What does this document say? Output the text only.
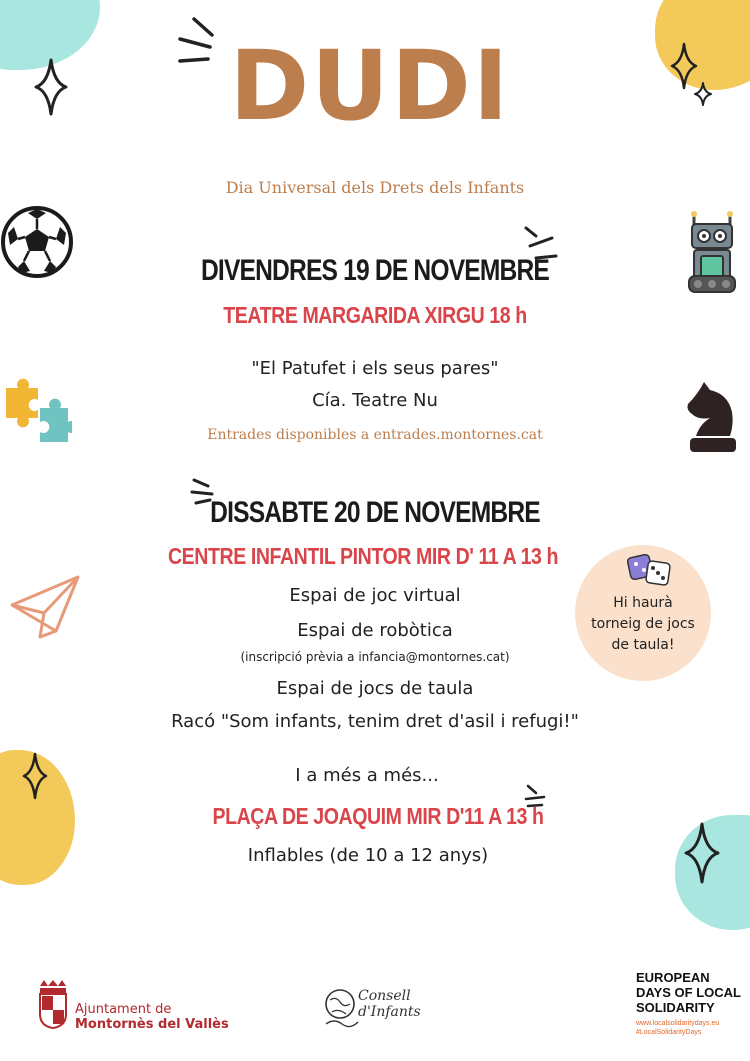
DUDI
Dia Universal dels Drets dels Infants
DIVENDRES 19 DE NOVEMBRE
TEATRE MARGARIDA XIRGU 18 h
"El Patufet i els seus pares"
Cía. Teatre Nu
Entrades disponibles a entrades.montornes.cat
DISSABTE 20 DE NOVEMBRE
CENTRE INFANTIL PINTOR MIR D' 11 A 13 h
Espai de joc virtual
Espai de robòtica
(inscripció prèvia a infancia@montornes.cat)
Espai de jocs de taula
Racó "Som infants, tenim dret d'asil i refugi!"
Hi haurà
torneig de jocs
de taula!
I a més a més...
PLAÇA DE JOAQUIM MIR D'11 A 13 h
Inflables (de 10 a 12 anys)
Ajuntament de
Montornès del Vallès
Consell
d'Infants
EUROPEAN
DAYS OF LOCAL
SOLIDARITY
www.localsolidaritydays.eu
#LocalSolidarityDays
